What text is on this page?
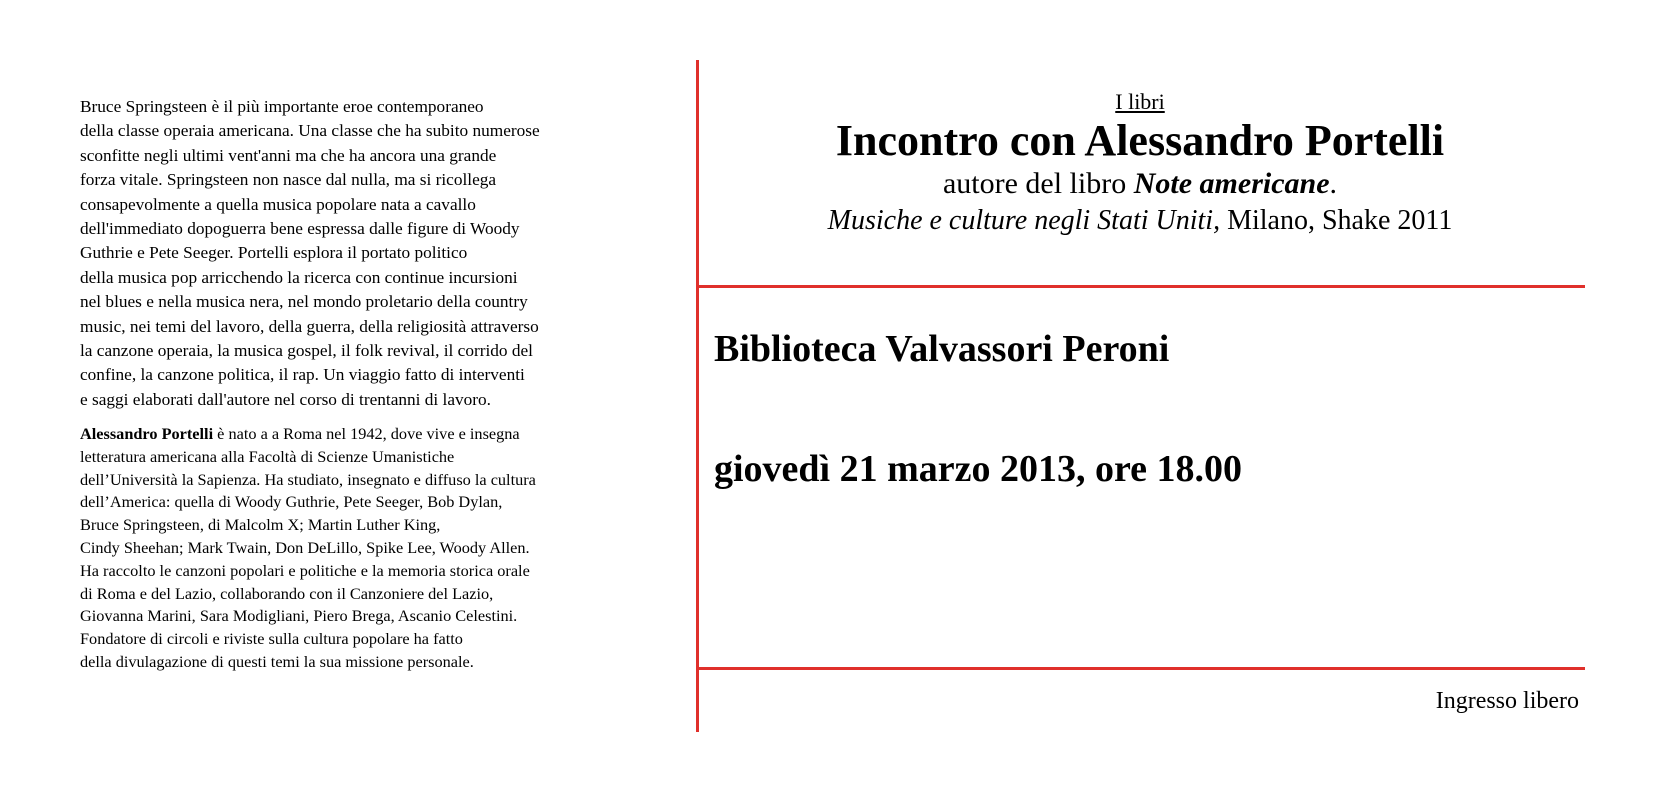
Bruce Springsteen è il più importante eroe contemporaneo
della classe operaia americana. Una classe che ha subito numerose
sconfitte negli ultimi vent'anni ma che ha ancora una grande
forza vitale. Springsteen non nasce dal nulla, ma si ricollega
consapevolmente a quella musica popolare nata a cavallo
dell'immediato dopoguerra bene espressa dalle figure di Woody
Guthrie e Pete Seeger. Portelli esplora il portato politico
della musica pop arricchendo la ricerca con continue incursioni
nel blues e nella musica nera, nel mondo proletario della country
music, nei temi del lavoro, della guerra, della religiosità attraverso
la canzone operaia, la musica gospel, il folk revival, il corrido del
confine, la canzone politica, il rap. Un viaggio fatto di interventi
e saggi elaborati dall'autore nel corso di trentanni di lavoro.
Alessandro Portelli è nato a a Roma nel 1942, dove vive e insegna
letteratura americana alla Facoltà di Scienze Umanistiche
dell’Università la Sapienza. Ha studiato, insegnato e diffuso la cultura
dell’America: quella di Woody Guthrie, Pete Seeger, Bob Dylan,
Bruce Springsteen, di Malcolm X; Martin Luther King,
Cindy Sheehan; Mark Twain, Don DeLillo, Spike Lee, Woody Allen.
Ha raccolto le canzoni popolari e politiche e la memoria storica orale
di Roma e del Lazio, collaborando con il Canzoniere del Lazio,
Giovanna Marini, Sara Modigliani, Piero Brega, Ascanio Celestini.
Fondatore di circoli e riviste sulla cultura popolare ha fatto
della divulagazione di questi temi la sua missione personale.
I libri
Incontro con Alessandro Portelli
autore del libro Note americane.
Musiche e culture negli Stati Uniti, Milano, Shake 2011
Biblioteca Valvassori Peroni
giovedì 21 marzo 2013, ore 18.00
Ingresso libero
